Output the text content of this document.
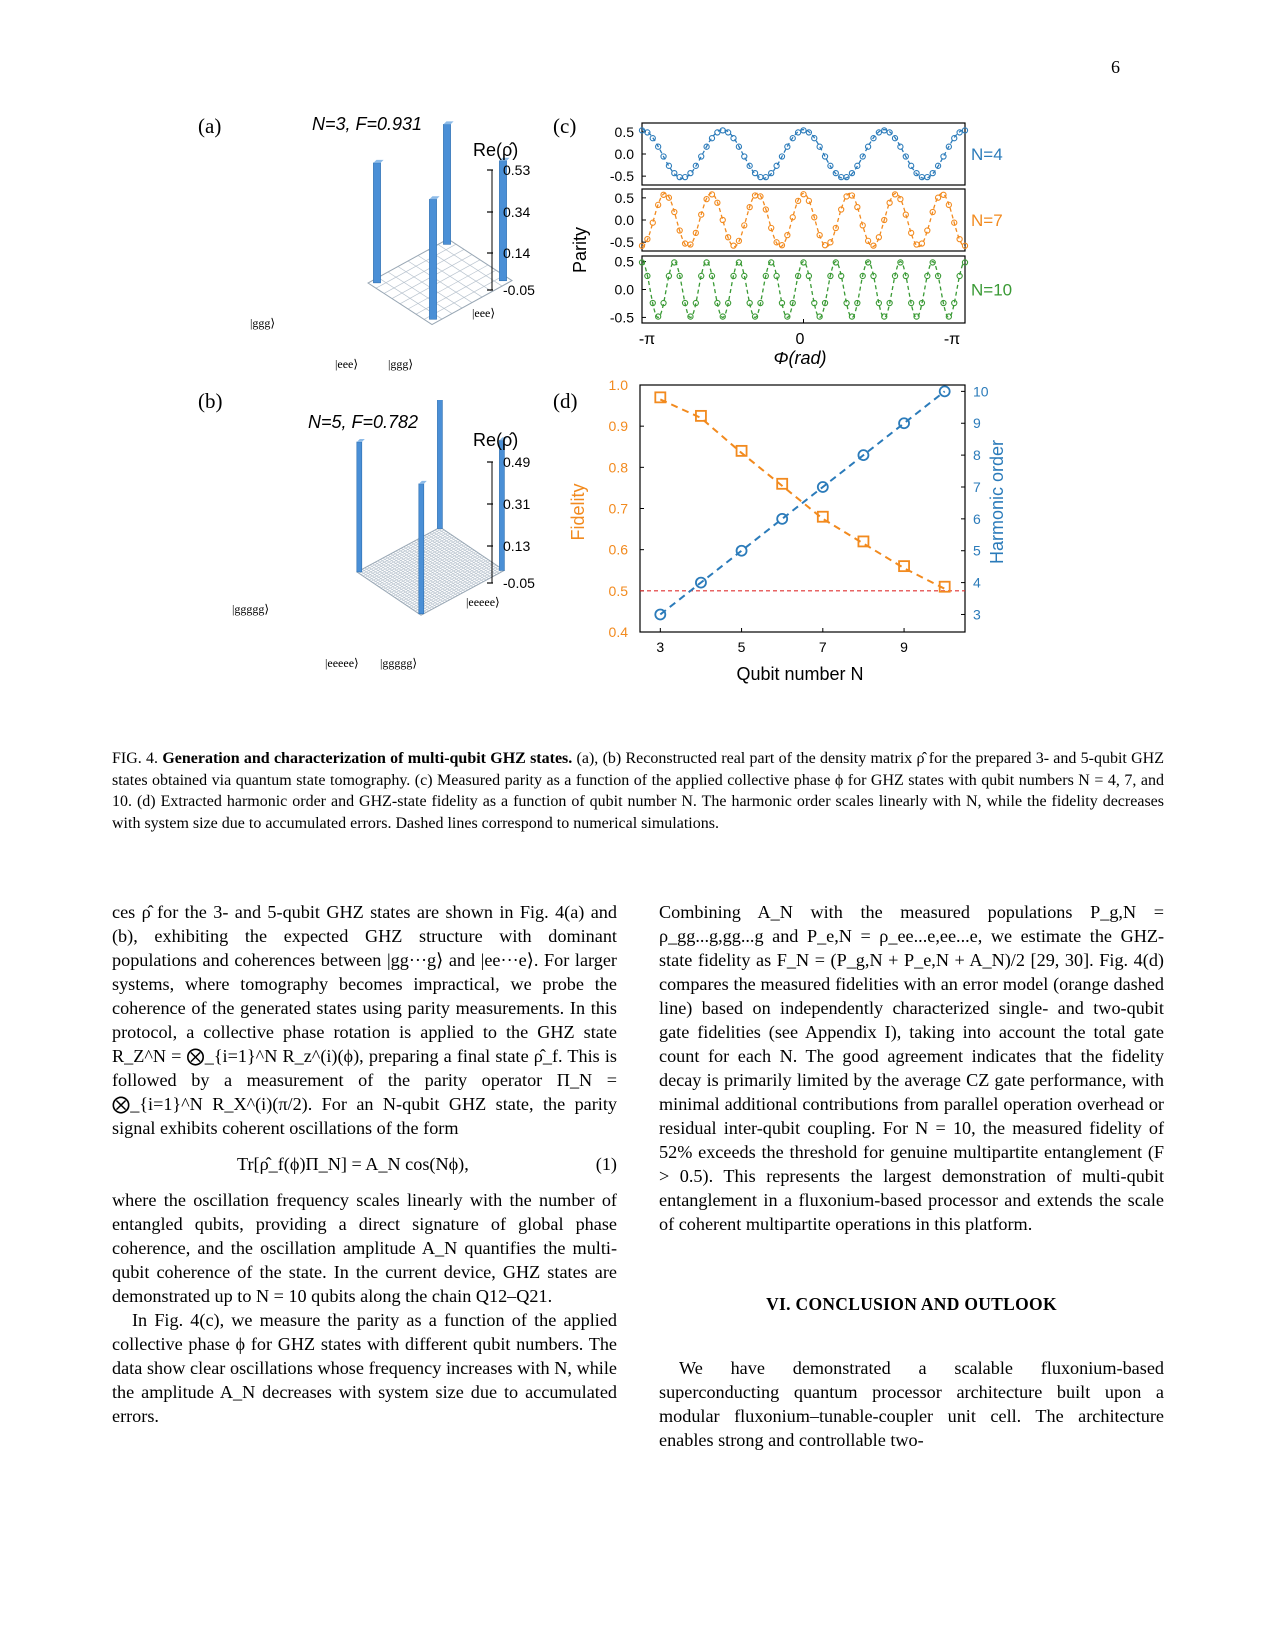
6
(a)
(b)
(c)
(d)
N=3, F=0.931
Re(ρ̂)
0.53
0.34
0.14
-0.05
|ggg⟩
|eee⟩ |ggg⟩
|eee⟩
N=5, F=0.782
Re(ρ̂)
0.49
0.31
0.13
-0.05
|ggggg⟩
|eeeee⟩ |ggggg⟩
|eeeee⟩
Parity
0.5
0.0
-0.5
N=4
0.5
0.0
-0.5
N=7
0.5
0.0
-0.5
N=10
-π	0	-π
Φ(rad)
1.0
0.9
0.8
0.7
0.6
0.5
0.4
10
9
8
7
6
5
4
3
3	5	7	9
Fidelity	Harmonic order
Qubit number N
FIG. 4. Generation and characterization of multi-qubit GHZ states. (a), (b) Reconstructed real part of the density matrix ρ̂ for the prepared 3- and 5-qubit GHZ states obtained via quantum state tomography. (c) Measured parity as a function of the applied collective phase ϕ for GHZ states with qubit numbers N = 4, 7, and 10. (d) Extracted harmonic order and GHZ-state fidelity as a function of qubit number N. The harmonic order scales linearly with N, while the fidelity decreases with system size due to accumulated errors. Dashed lines correspond to numerical simulations.

ces ρ̂ for the 3- and 5-qubit GHZ states are shown in Fig. 4(a) and (b), exhibiting the expected GHZ structure with dominant populations and coherences between |gg···g⟩ and |ee···e⟩. For larger systems, where tomography becomes impractical, we probe the coherence of the generated states using parity measurements. In this protocol, a collective phase rotation is applied to the GHZ state R_Z^N = ⨂_{i=1}^N R_z^(i)(ϕ), preparing a final state ρ̂_f. This is followed by a measurement of the parity operator Π_N = ⨂_{i=1}^N R_X^(i)(π/2). For an N-qubit GHZ state, the parity signal exhibits coherent oscillations of the form

Tr[ρ̂_f(ϕ)Π_N] = A_N cos(Nϕ),	(1)

where the oscillation frequency scales linearly with the number of entangled qubits, providing a direct signature of global phase coherence, and the oscillation amplitude A_N quantifies the multi-qubit coherence of the state. In the current device, GHZ states are demonstrated up to N = 10 qubits along the chain Q12–Q21.

In Fig. 4(c), we measure the parity as a function of the applied collective phase ϕ for GHZ states with different qubit numbers. The data show clear oscillations whose frequency increases with N, while the amplitude A_N decreases with system size due to accumulated errors.

Combining A_N with the measured populations P_g,N = ρ_gg...g,gg...g and P_e,N = ρ_ee...e,ee...e, we estimate the GHZ-state fidelity as F_N = (P_g,N + P_e,N + A_N)/2 [29, 30]. Fig. 4(d) compares the measured fidelities with an error model (orange dashed line) based on independently characterized single- and two-qubit gate fidelities (see Appendix I), taking into account the total gate count for each N. The good agreement indicates that the fidelity decay is primarily limited by the average CZ gate performance, with minimal additional contributions from parallel operation overhead or residual inter-qubit coupling. For N = 10, the measured fidelity of 52% exceeds the threshold for genuine multipartite entanglement (F > 0.5). This represents the largest demonstration of multi-qubit entanglement in a fluxonium-based processor and extends the scale of coherent multipartite operations in this platform.

VI. CONCLUSION AND OUTLOOK

We have demonstrated a scalable fluxonium-based superconducting quantum processor architecture built upon a modular fluxonium–tunable-coupler unit cell. The architecture enables strong and controllable two-
